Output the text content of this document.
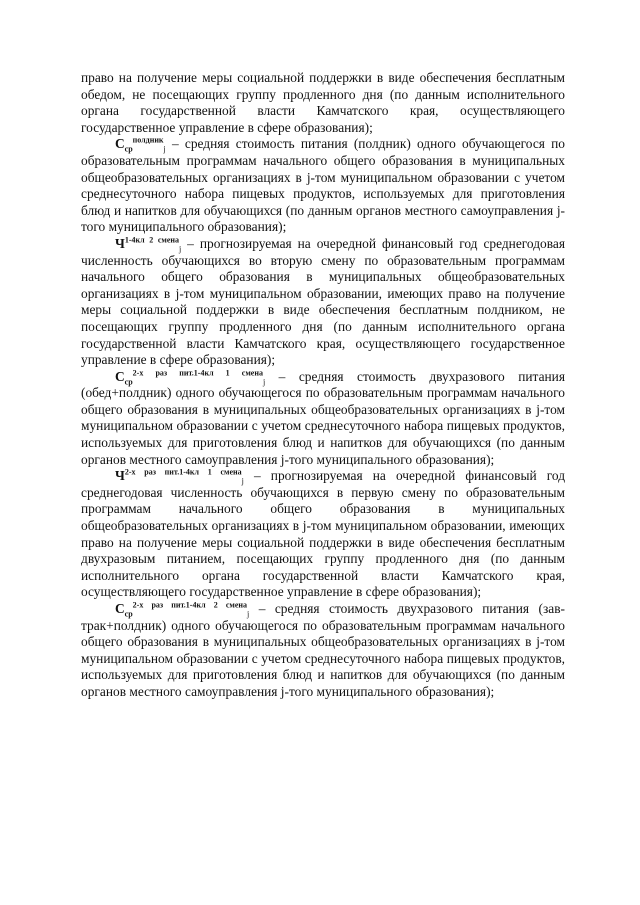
право на получение меры социальной поддержки в виде обеспечения бесплатным обедом, не посещающих группу продленного дня (по данным исполнительного органа государственной власти Камчатского края, осуществляющего государственное управление в сфере образования);

$С_{ср}^{полдник}_j$ – средняя стоимость питания (полдник) одного обучающегося по образовательным программам начального общего образования в муниципальных общеобразовательных организациях в j-том муниципальном образовании с учетом среднесуточного набора пищевых продуктов, используемых для приготовления блюд и напитков для обучающихся (по данным органов местного самоуправления j-того муниципального образования);

$Ч^{1-4кл 2 смена}_j$ – прогнозируемая на очередной финансовый год среднегодовая численность обучающихся во вторую смену по образовательным программам начального общего образования в муниципальных общеобразовательных организациях в j-том муниципальном образовании, имеющих право на получение меры социальной поддержки в виде обеспечения бесплатным полдником, не посещающих группу продленного дня (по данным исполнительного органа государственной власти Камчатского края, осуществляющего государственное управление в сфере образования);

$С_{ср}^{2-х раз пит.1-4кл 1 смена}_j$ – средняя стоимость двухразового питания (обед+полдник) одного обучающегося по образовательным программам начального общего образования в муниципальных общеобразовательных организациях в j-том муниципальном образовании с учетом среднесуточного набора пищевых продуктов, используемых для приготовления блюд и напитков для обучающихся (по данным органов местного самоуправления j-того муниципального образования);

$Ч^{2-х раз пит.1-4кл 1 смена}_j$ – прогнозируемая на очередной финансовый год среднегодовая численность обучающихся в первую смену по образовательным программам начального общего образования в муниципальных общеобразовательных организациях в j-том муниципальном образовании, имеющих право на получение меры социальной поддержки в виде обеспечения бесплатным двухразовым питанием, посещающих группу продленного дня (по данным исполнительного органа государственной власти Камчатского края, осуществляющего государственное управление в сфере образования);

$С_{ср}^{2-х раз пит.1-4кл 2 смена}_j$ – средняя стоимость двухразового питания (завтрак+полдник) одного обучающегося по образовательным программам начального общего образования в муниципальных общеобразовательных организациях в j-том муниципальном образовании с учетом среднесуточного набора пищевых продуктов, используемых для приготовления блюд и напитков для обучающихся (по данным органов местного самоуправления j-того муниципального образования);
